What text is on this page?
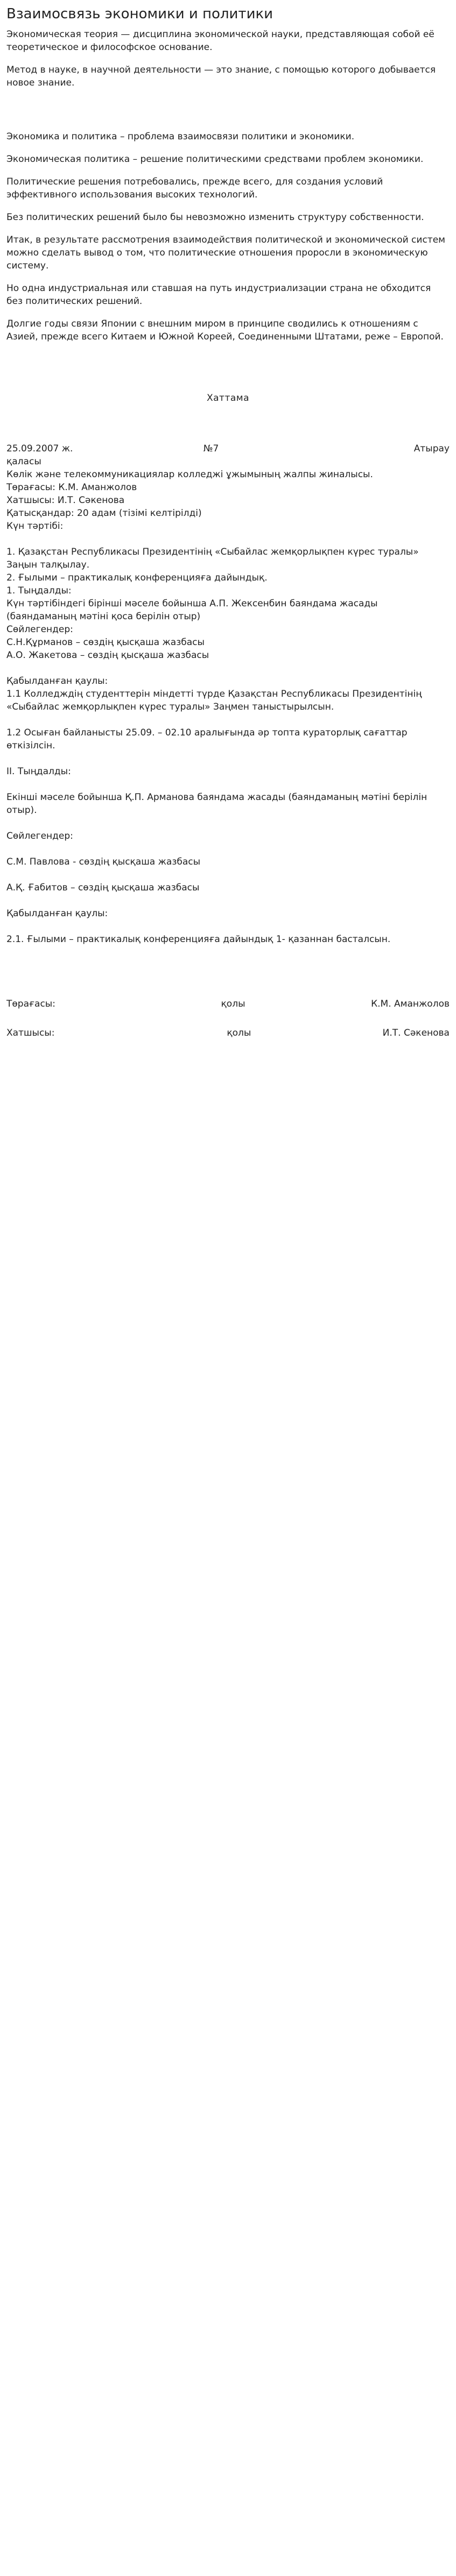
Взаимосвязь экономики и политики

Экономическая теория — дисциплина экономической науки, представляющая собой её теоретическое и философское основание.

Метод в науке, в научной деятельности — это знание, с помощью которого добывается новое знание.

Экономика и политика – проблема взаимосвязи политики и экономики.

Экономическая политика – решение политическими средствами проблем экономики.

Политические решения потребовались, прежде всего, для создания условий эффективного использования высоких технологий.

Без политических решений было бы невозможно изменить структуру собственности.

Итак, в результате рассмотрения взаимодействия политической и экономической систем можно сделать вывод о том, что политические отношения проросли в экономическую систему.

Но одна индустриальная или ставшая на путь индустриализации страна не обходится без политических решений.

Долгие годы связи Японии с внешним миром в принципе сводились к отношениям с Азией, прежде всего Китаем и Южной Кореей, Соединенными Штатами, реже – Европой.

Хаттама
25.09.2007 ж.	№7	Атырау

қаласы

Көлік және телекоммуникациялар колледжі ұжымының жалпы жиналысы.

Төрағасы: К.М. Аманжолов

Хатшысы: И.Т. Сәкенова

Қатысқандар: 20 адам (тізімі келтірілді)

Күн тәртібі:

1. Қазақстан Республикасы Президентінің «Сыбайлас жемқорлықпен күрес туралы» Заңын талқылау.

2. Ғылыми – практикалық конференцияға дайындық.

1. Тыңдалды:

Күн тәртібіндегі бірінші мәселе бойынша А.П. Жексенбин баяндама жасады (баяндаманың мәтіні қоса берілін отыр)

Сөйлегендер:

С.Н.Құрманов – сөздің қысқаша жазбасы

А.О. Жакетова – сөздің қысқаша жазбасы

Қабылданған қаулы:

1.1 Колледждің студенттерін міндетті түрде Қазақстан Республикасы Президентінің «Сыбайлас жемқорлықпен күрес туралы» Заңмен таныстырылсын.

1.2 Осыған байланысты 25.09. – 02.10 аралығында әр топта кураторлық сағаттар өткізілсін.

II. Тыңдалды:

Екінші мәселе бойынша Қ.П. Арманова баяндама жасады (баяндаманың мәтіні берілін отыр).

Сөйлегендер:

С.М. Павлова - сөздің қысқаша жазбасы

А.Қ. Ғабитов – сөздің қысқаша жазбасы

Қабылданған қаулы:

2.1. Ғылыми – практикалық конференцияға дайындық 1- қазаннан басталсын.

Төрағасы:	қолы	К.М. Аманжолов
Хатшысы:	қолы	И.Т. Сәкенова
